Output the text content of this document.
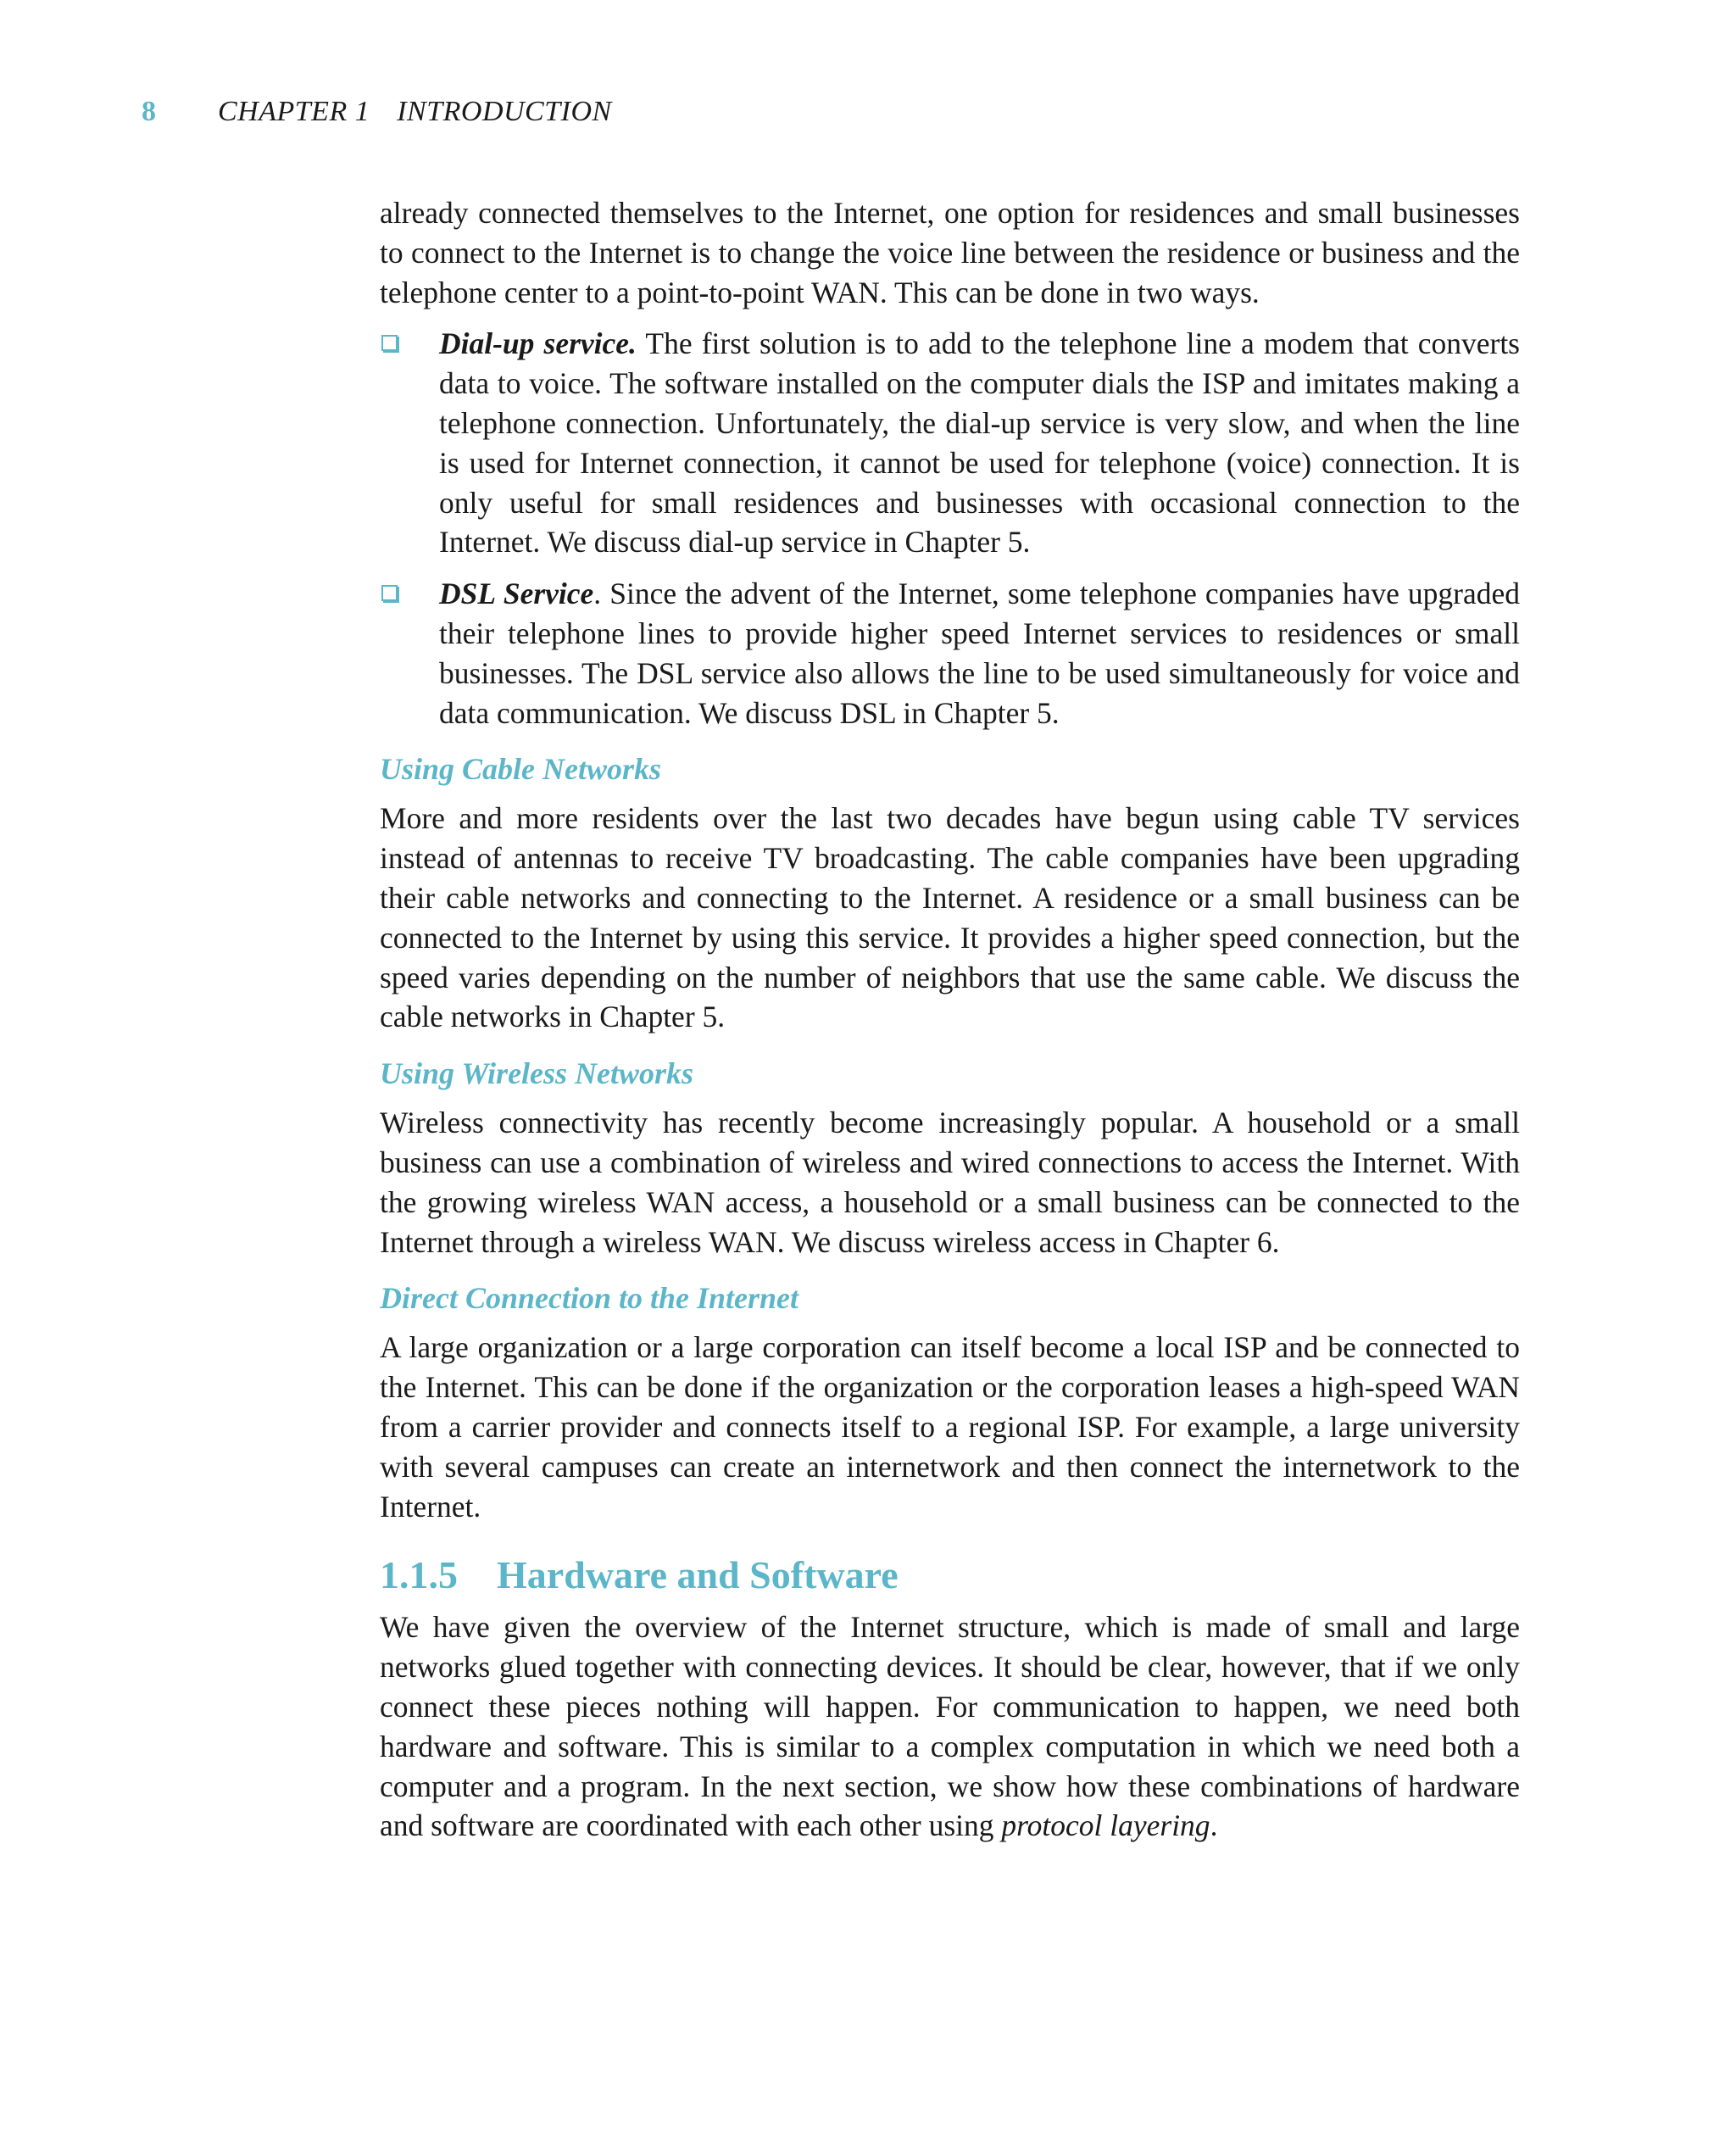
8 CHAPTER 1 INTRODUCTION

already connected themselves to the Internet, one option for residences and small businesses to connect to the Internet is to change the voice line between the residence or business and the telephone center to a point-to-point WAN. This can be done in two ways.

Dial-up service. The first solution is to add to the telephone line a modem that converts data to voice. The software installed on the computer dials the ISP and imitates making a telephone connection. Unfortunately, the dial-up service is very slow, and when the line is used for Internet connection, it cannot be used for telephone (voice) connection. It is only useful for small residences and businesses with occasional connection to the Internet. We discuss dial-up service in Chapter 5.
DSL Service. Since the advent of the Internet, some telephone companies have upgraded their telephone lines to provide higher speed Internet services to residences or small businesses. The DSL service also allows the line to be used simultaneously for voice and data communication. We discuss DSL in Chapter 5.
Using Cable Networks

More and more residents over the last two decades have begun using cable TV services instead of antennas to receive TV broadcasting. The cable companies have been upgrading their cable networks and connecting to the Internet. A residence or a small business can be connected to the Internet by using this service. It provides a higher speed connection, but the speed varies depending on the number of neighbors that use the same cable. We discuss the cable networks in Chapter 5.

Using Wireless Networks

Wireless connectivity has recently become increasingly popular. A household or a small business can use a combination of wireless and wired connections to access the Internet. With the growing wireless WAN access, a household or a small business can be connected to the Internet through a wireless WAN. We discuss wireless access in Chapter 6.

Direct Connection to the Internet

A large organization or a large corporation can itself become a local ISP and be connected to the Internet. This can be done if the organization or the corporation leases a high-speed WAN from a carrier provider and connects itself to a regional ISP. For example, a large university with several campuses can create an internetwork and then connect the internetwork to the Internet.

1.1.5 Hardware and Software

We have given the overview of the Internet structure, which is made of small and large networks glued together with connecting devices. It should be clear, however, that if we only connect these pieces nothing will happen. For communication to happen, we need both hardware and software. This is similar to a complex computation in which we need both a computer and a program. In the next section, we show how these combinations of hardware and software are coordinated with each other using protocol layering.
